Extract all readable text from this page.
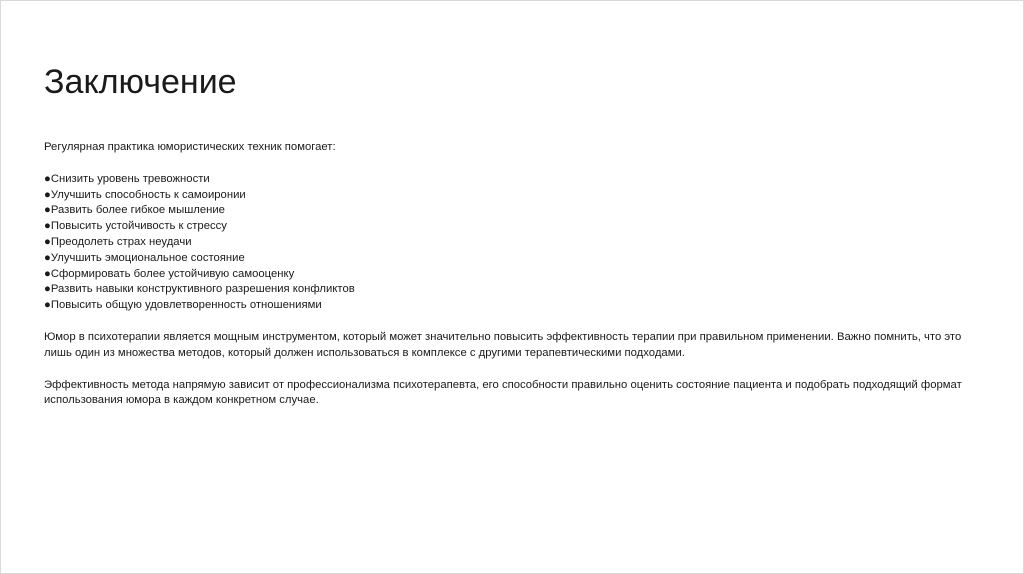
Заключение

Регулярная практика юмористических техник помогает:

●Снизить уровень тревожности
●Улучшить способность к самоиронии
●Развить более гибкое мышление
●Повысить устойчивость к стрессу
●Преодолеть страх неудачи
●Улучшить эмоциональное состояние
●Сформировать более устойчивую самооценку
●Развить навыки конструктивного разрешения конфликтов
●Повысить общую удовлетворенность отношениями

Юмор в психотерапии является мощным инструментом, который может значительно повысить эффективность терапии при правильном применении. Важно помнить, что это лишь один из множества методов, который должен использоваться в комплексе с другими терапевтическими подходами.

Эффективность метода напрямую зависит от профессионализма психотерапевта, его способности правильно оценить состояние пациента и подобрать подходящий формат использования юмора в каждом конкретном случае.
